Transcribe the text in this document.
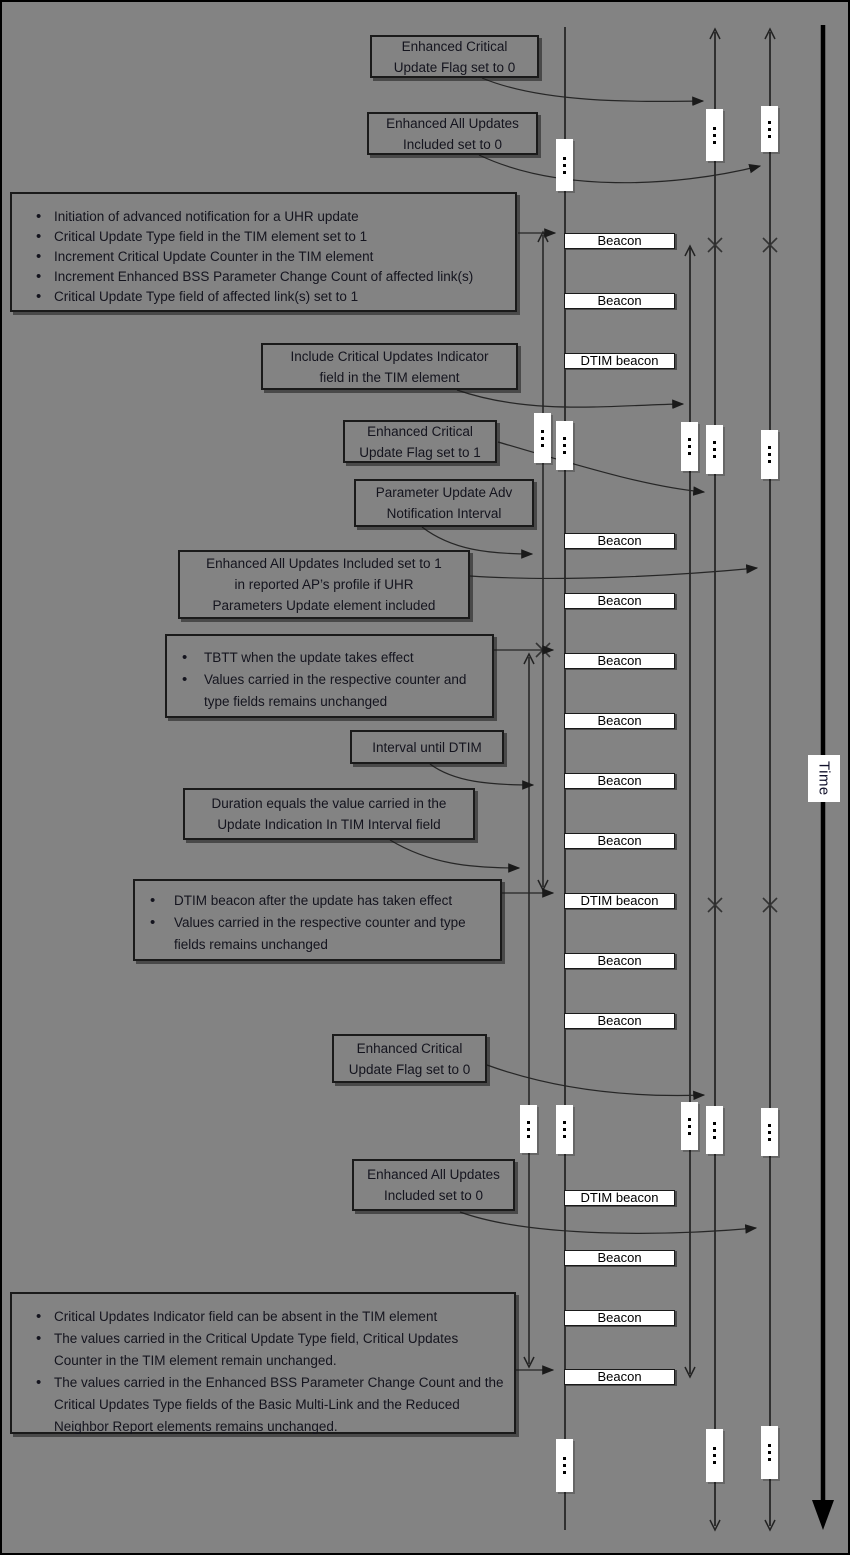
Beacon
Beacon
DTIM beacon
Beacon
Beacon
Beacon
Beacon
Beacon
Beacon
DTIM beacon
Beacon
Beacon
DTIM beacon
Beacon
Beacon
Beacon
Enhanced Critical
Update Flag set to 0
Enhanced All Updates
Included set to 0
• Initiation of advanced notification for a UHR update
• Critical Update Type field in the TIM element set to 1
• Increment Critical Update Counter in the TIM element
• Increment Enhanced BSS Parameter Change Count of affected link(s)
• Critical Update Type field of affected link(s) set to 1
Include Critical Updates Indicator
field in the TIM element
Enhanced Critical
Update Flag set to 1
Parameter Update Adv
Notification Interval
Enhanced All Updates Included set to 1
in reported AP’s profile if UHR
Parameters Update element included
• TBTT when the update takes effect
• Values carried in the respective counter and type fields remains unchanged
Interval until DTIM
Duration equals the value carried in the
Update Indication In TIM Interval field
• DTIM beacon after the update has taken effect
• Values carried in the respective counter and type fields remains unchanged
Enhanced Critical
Update Flag set to 0
Enhanced All Updates
Included set to 0
• Critical Updates Indicator field can be absent in the TIM element
• The values carried in the Critical Update Type field, Critical Updates Counter in the TIM element remain unchanged.
• The values carried in the Enhanced BSS Parameter Change Count and the Critical Updates Type fields of the Basic Multi-Link and the Reduced Neighbor Report elements remains unchanged.
Time
